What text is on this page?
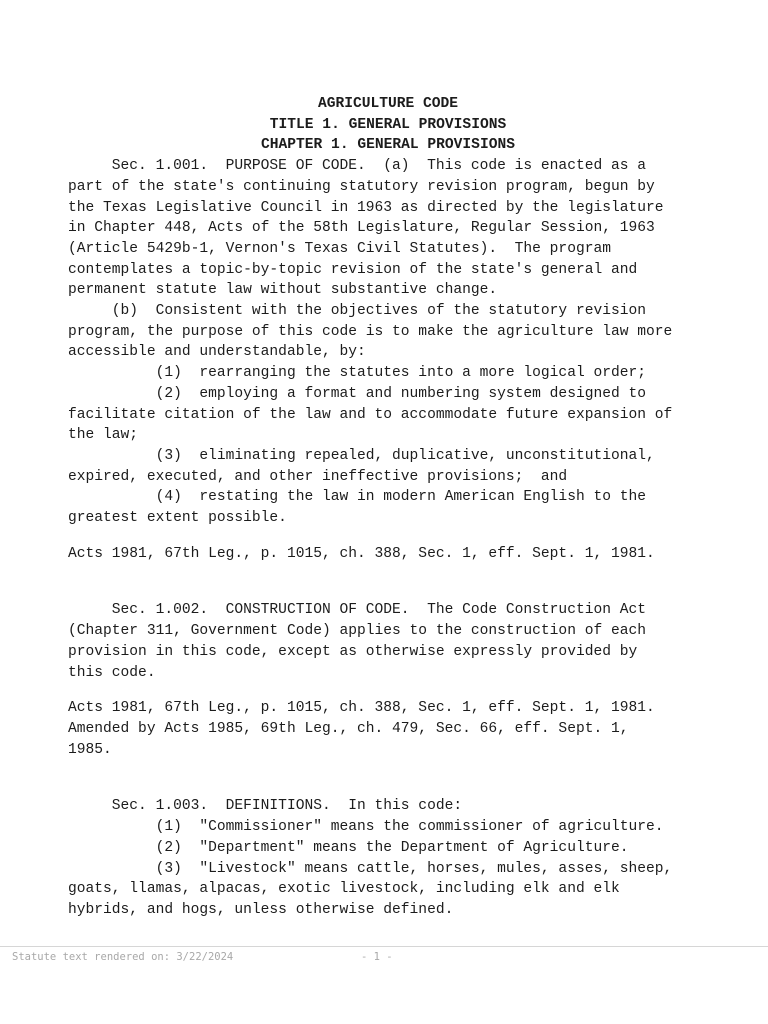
AGRICULTURE CODE

TITLE 1. GENERAL PROVISIONS

CHAPTER 1. GENERAL PROVISIONS

Sec. 1.001.  PURPOSE OF CODE.  (a)  This code is enacted as a

part of the state's continuing statutory revision program, begun by

the Texas Legislative Council in 1963 as directed by the legislature

in Chapter 448, Acts of the 58th Legislature, Regular Session, 1963

(Article 5429b-1, Vernon's Texas Civil Statutes).  The program

contemplates a topic-by-topic revision of the state's general and

permanent statute law without substantive change.

(b)  Consistent with the objectives of the statutory revision

program, the purpose of this code is to make the agriculture law more

accessible and understandable, by:

(1)  rearranging the statutes into a more logical order;

(2)  employing a format and numbering system designed to

facilitate citation of the law and to accommodate future expansion of

the law;

(3)  eliminating repealed, duplicative, unconstitutional,

expired, executed, and other ineffective provisions;  and

(4)  restating the law in modern American English to the

greatest extent possible.

Acts 1981, 67th Leg., p. 1015, ch. 388, Sec. 1, eff. Sept. 1, 1981.

Sec. 1.002.  CONSTRUCTION OF CODE.  The Code Construction Act

(Chapter 311, Government Code) applies to the construction of each

provision in this code, except as otherwise expressly provided by

this code.

Acts 1981, 67th Leg., p. 1015, ch. 388, Sec. 1, eff. Sept. 1, 1981.

Amended by Acts 1985, 69th Leg., ch. 479, Sec. 66, eff. Sept. 1,

1985.

Sec. 1.003.  DEFINITIONS.  In this code:

(1)  "Commissioner" means the commissioner of agriculture.

(2)  "Department" means the Department of Agriculture.

(3)  "Livestock" means cattle, horses, mules, asses, sheep,

goats, llamas, alpacas, exotic livestock, including elk and elk

hybrids, and hogs, unless otherwise defined.

Statute text rendered on: 3/22/2024	- 1 -
